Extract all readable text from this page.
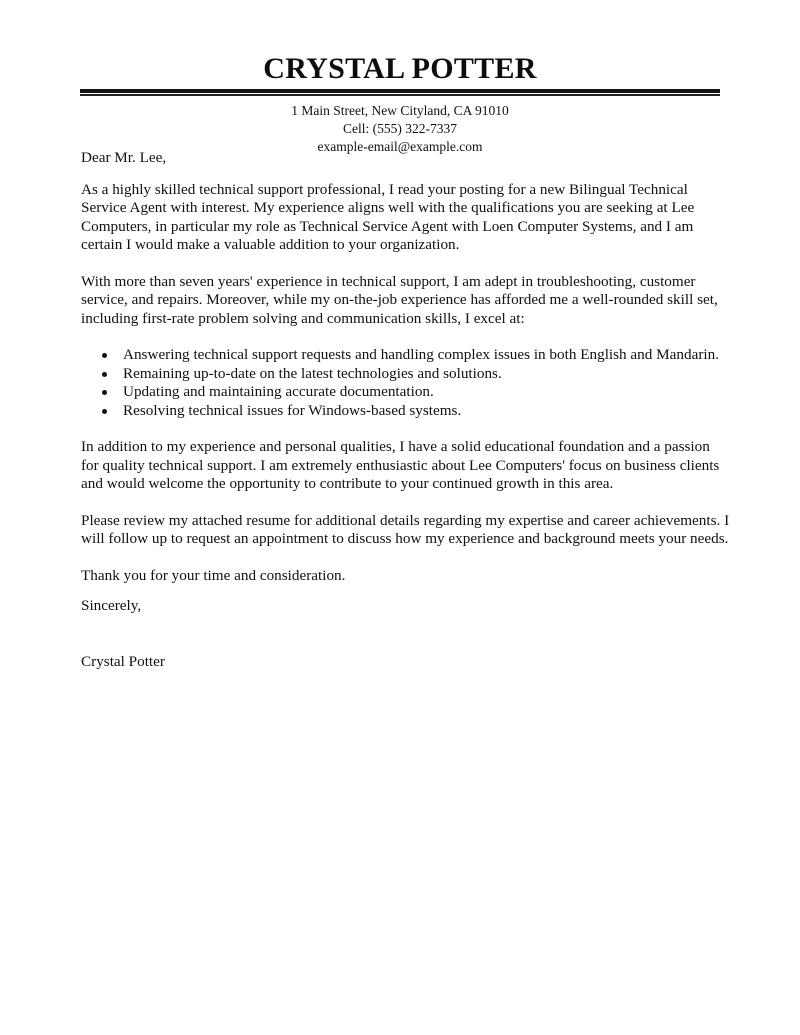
CRYSTAL POTTER
1 Main Street, New Cityland, CA 91010
Cell: (555) 322-7337
example-email@example.com

Dear Mr. Lee,

As a highly skilled technical support professional, I read your posting for a new Bilingual Technical Service Agent with interest. My experience aligns well with the qualifications you are seeking at Lee Computers, in particular my role as Technical Service Agent with Loen Computer Systems, and I am certain I would make a valuable addition to your organization.

With more than seven years' experience in technical support, I am adept in troubleshooting, customer service, and repairs. Moreover, while my on-the-job experience has afforded me a well-rounded skill set, including first-rate problem solving and communication skills, I excel at:

Answering technical support requests and handling complex issues in both English and Mandarin.
Remaining up-to-date on the latest technologies and solutions.
Updating and maintaining accurate documentation.
Resolving technical issues for Windows-based systems.

In addition to my experience and personal qualities, I have a solid educational foundation and a passion for quality technical support. I am extremely enthusiastic about Lee Computers' focus on business clients and would welcome the opportunity to contribute to your continued growth in this area.

Please review my attached resume for additional details regarding my expertise and career achievements. I will follow up to request an appointment to discuss how my experience and background meets your needs.

Thank you for your time and consideration.

Sincerely,

Crystal Potter
